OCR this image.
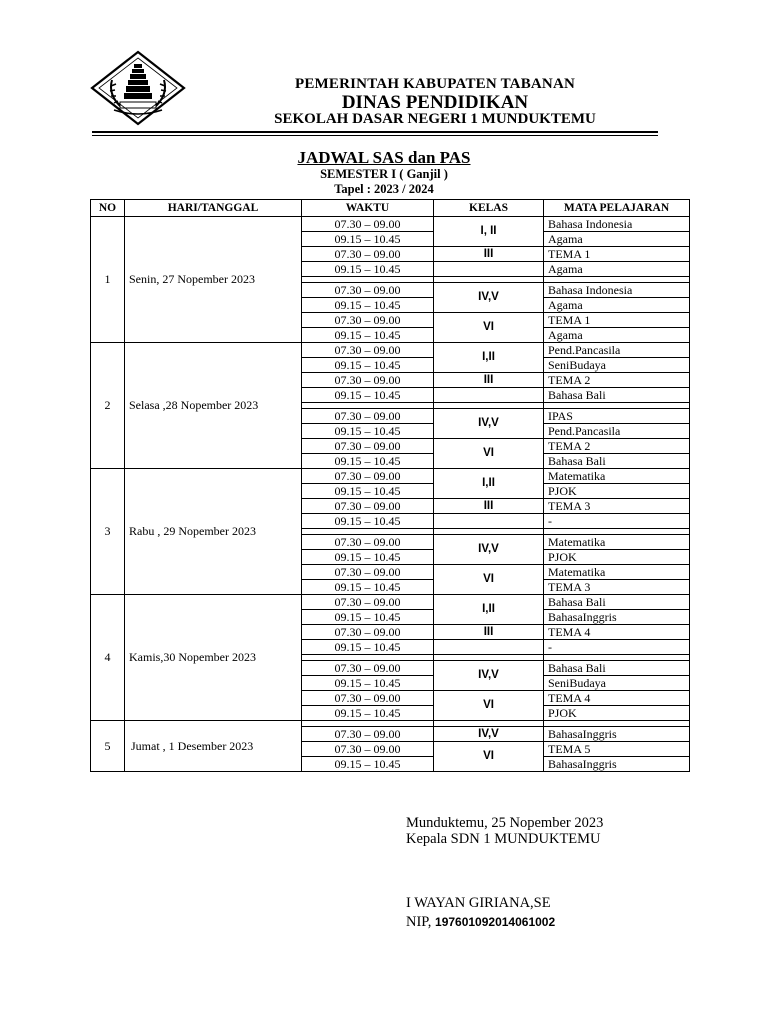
PEMERINTAH KABUPATEN TABANAN
DINAS PENDIDIKAN
SEKOLAH DASAR NEGERI 1 MUNDUKTEMU
JADWAL SAS dan PAS
SEMESTER I ( Ganjil )
Tapel : 2023 / 2024
NO	HARI/TANGGAL	WAKTU	KELAS	MATA PELAJARAN
1	Senin, 27 Nopember 2023	07.30 – 09.00	I, II	Bahasa Indonesia
		09.15 – 10.45		Agama
		07.30 – 09.00	III	TEMA 1
		09.15 – 10.45		Agama

		07.30 – 09.00	IV,V	Bahasa Indonesia
		09.15 – 10.45		Agama
		07.30 – 09.00	VI	TEMA 1
		09.15 – 10.45		Agama
2	Selasa ,28 Nopember 2023	07.30 – 09.00	I,II	Pend.Pancasila
		09.15 – 10.45		SeniBudaya
		07.30 – 09.00	III	TEMA 2
		09.15 – 10.45		Bahasa Bali

		07.30 – 09.00	IV,V	IPAS
		09.15 – 10.45		Pend.Pancasila
		07.30 – 09.00	VI	TEMA 2
		09.15 – 10.45		Bahasa Bali
3	Rabu , 29 Nopember 2023	07.30 – 09.00	I,II	Matematika
		09.15 – 10.45		PJOK
		07.30 – 09.00	III	TEMA 3
		09.15 – 10.45		-

		07.30 – 09.00	IV,V	Matematika
		09.15 – 10.45		PJOK
		07.30 – 09.00	VI	Matematika
		09.15 – 10.45		TEMA 3
4	Kamis,30 Nopember 2023	07.30 – 09.00	I,II	Bahasa Bali
		09.15 – 10.45		BahasaInggris
		07.30 – 09.00	III	TEMA 4
		09.15 – 10.45		-

		07.30 – 09.00	IV,V	Bahasa Bali
		09.15 – 10.45		SeniBudaya
		07.30 – 09.00	VI	TEMA 4
		09.15 – 10.45		PJOK
5	Jumat , 1 Desember 2023			
		07.30 – 09.00	IV,V	BahasaInggris
		07.30 – 09.00	VI	TEMA 5
		09.15 – 10.45		BahasaInggris
Munduktemu, 25 Nopember 2023
Kepala SDN 1 MUNDUKTEMU
I WAYAN GIRIANA,SE
NIP, 197601092014061002
